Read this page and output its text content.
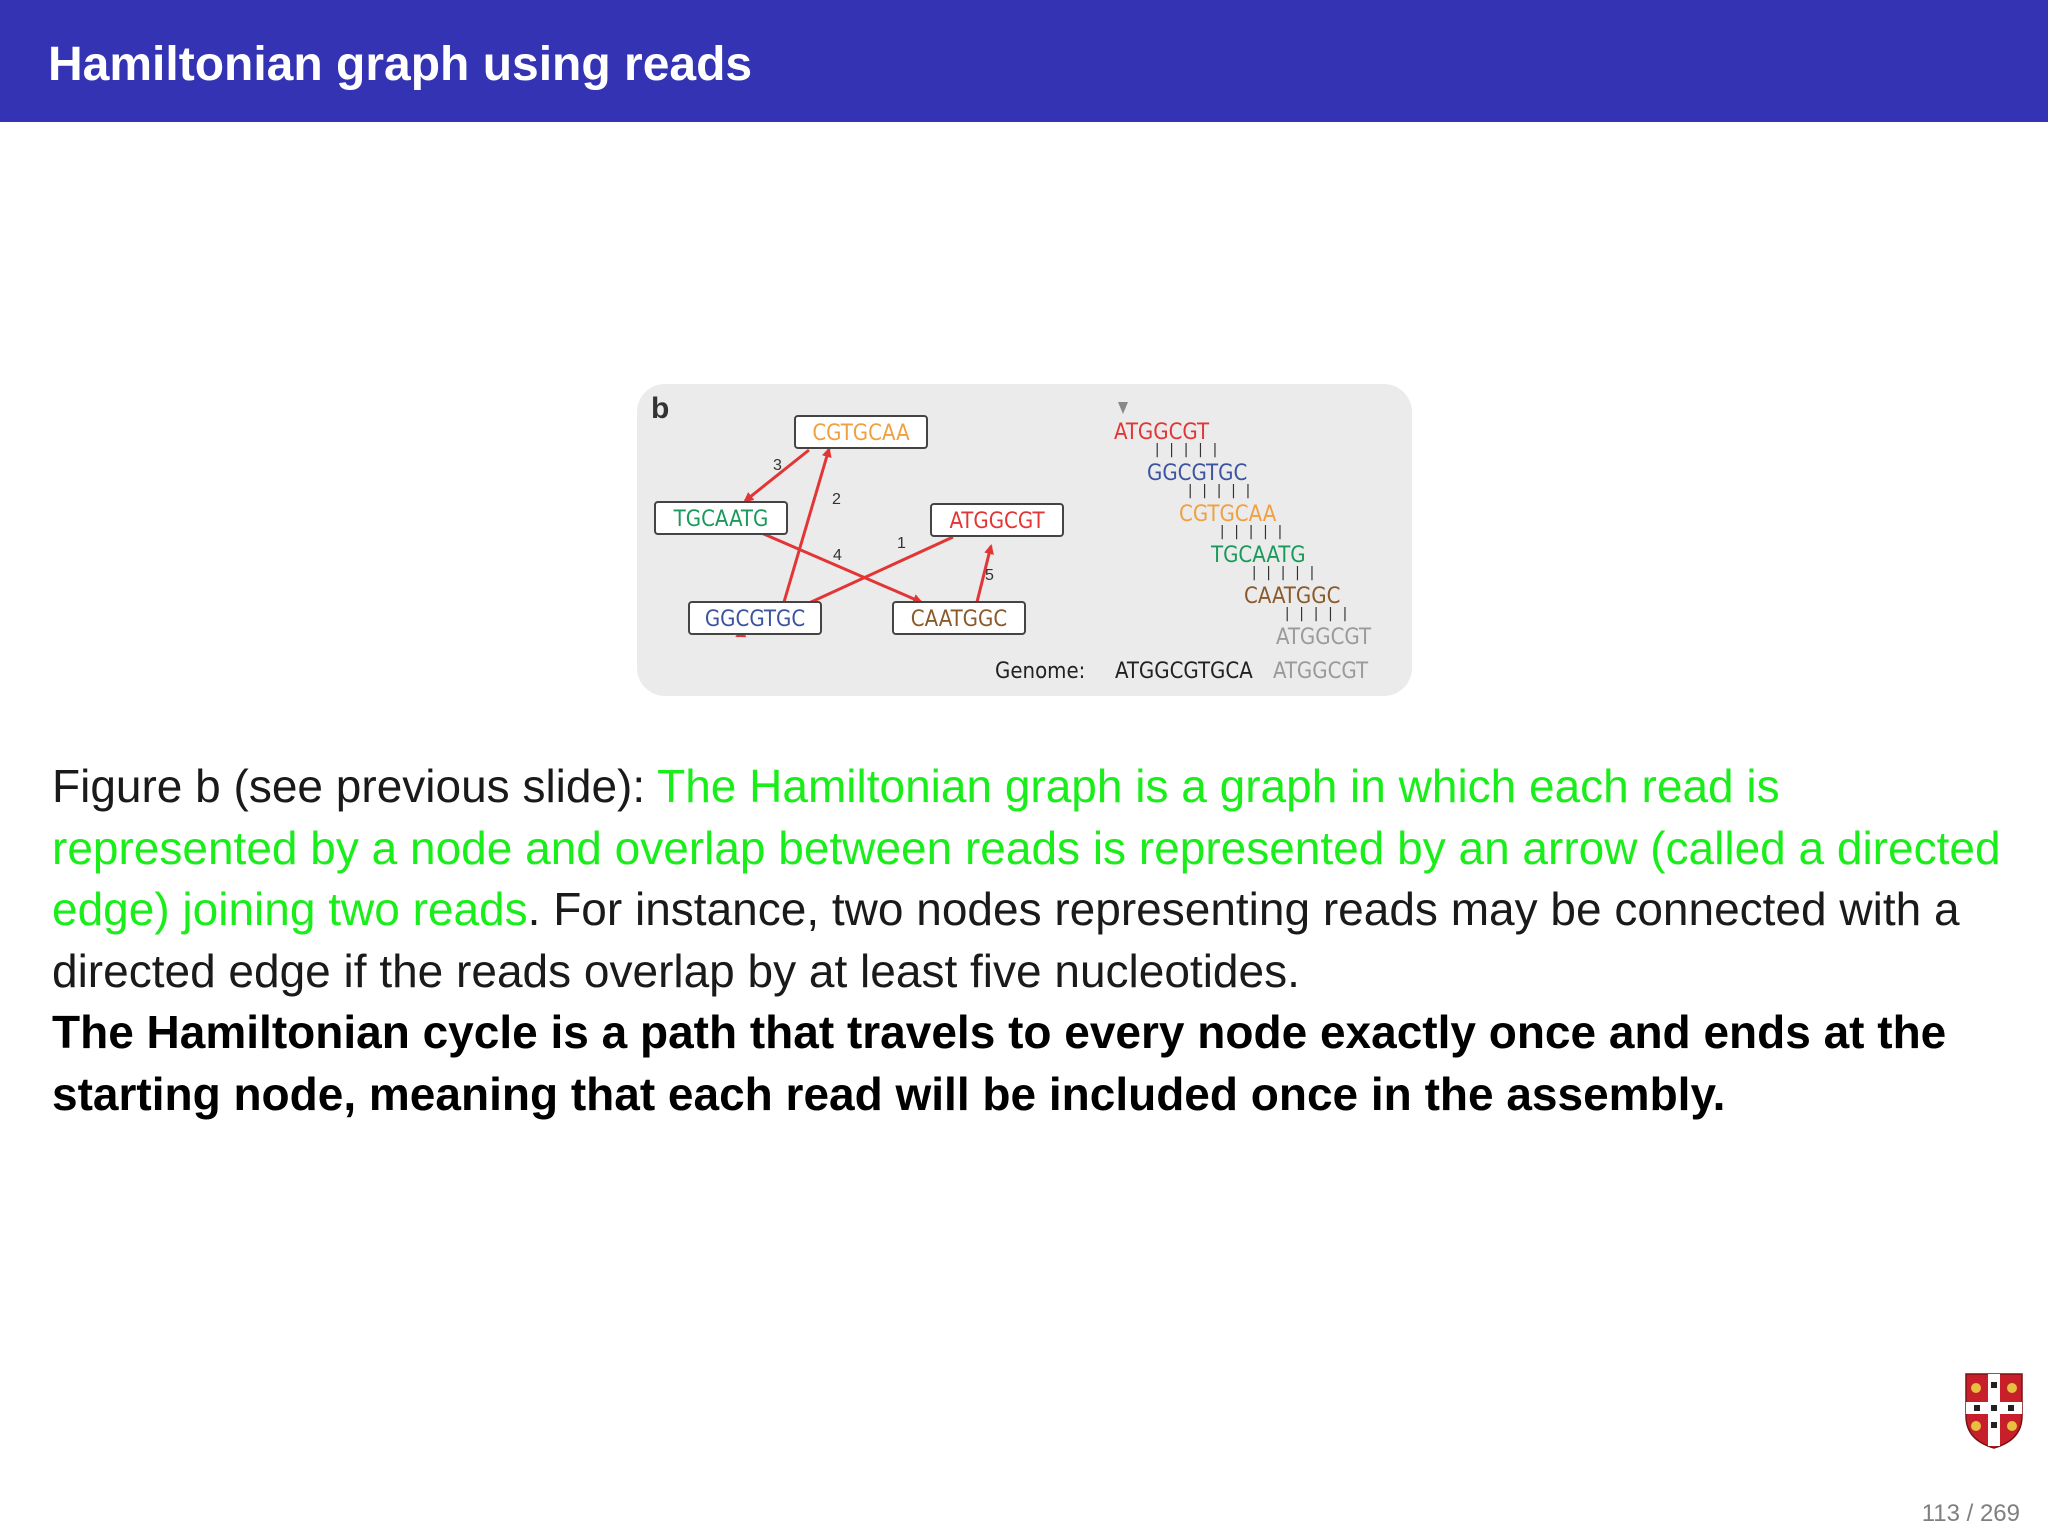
Hamiltonian graph using reads
b
1
2
3
4
5
CGTGCAA
TGCAATG	ATGGCGT
GGCGTGC	CAATGGC
ATGGCGT
GGCGTGC
CGTGCAA
TGCAATG
CAATGGC
ATGGCGT
|||||
|||||
|||||
|||||
|||||
Genome: ATGGCGTGCA ATGGCGT
Figure b (see previous slide): The Hamiltonian graph is a graph in which each read is represented by a node and overlap between reads is represented by an arrow (called a directed edge) joining two reads. For instance, two nodes representing reads may be connected with a directed edge if the reads overlap by at least five nucleotides.
The Hamiltonian cycle is a path that travels to every node exactly once and ends at the starting node, meaning that each read will be included once in the assembly.
113 / 269
